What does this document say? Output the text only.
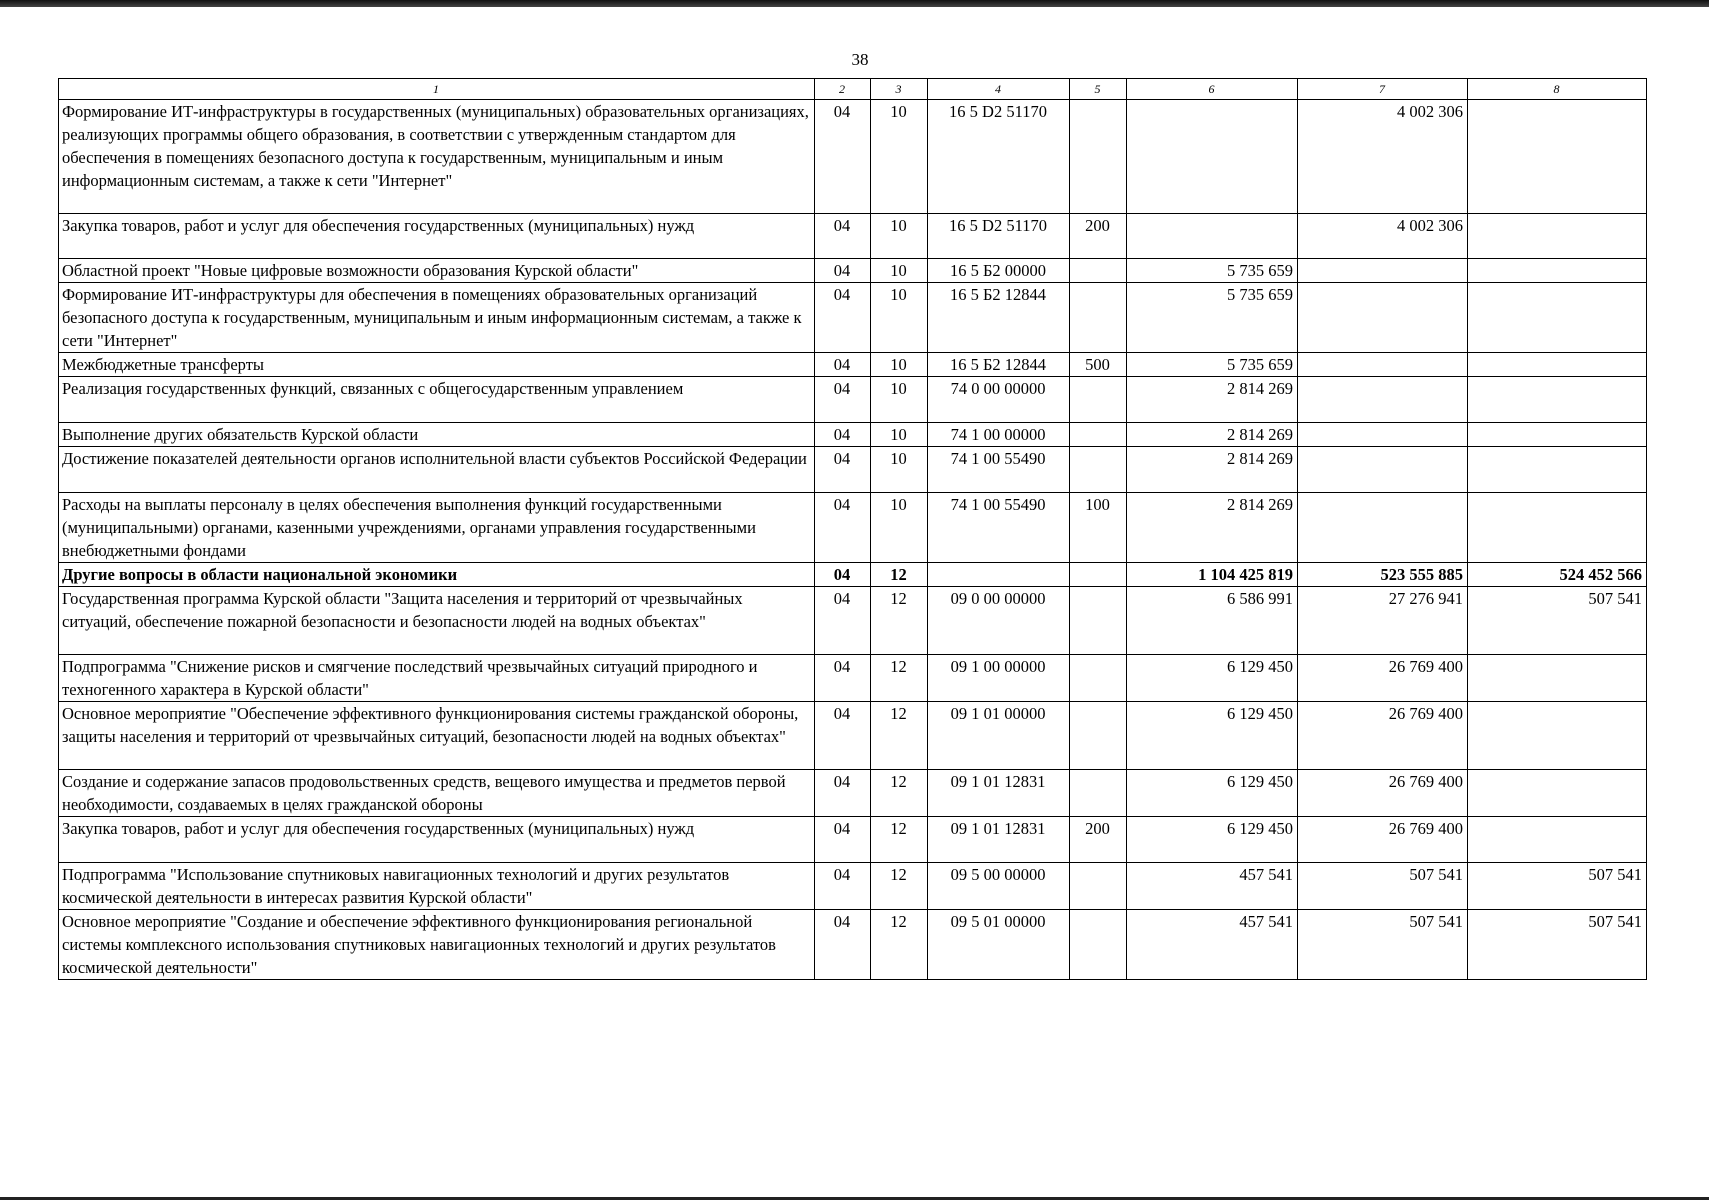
38
1	2	3	4	5	6	7	8
Формирование ИТ-инфраструктуры в государственных (муниципальных) образовательных организациях, реализующих программы общего образования, в соответствии с утвержденным стандартом для обеспечения в помещениях безопасного доступа к государственным, муниципальным и иным информационным системам, а также к сети "Интернет"	04	10	16 5 D2 51170			4 002 306	
Закупка товаров, работ и услуг для обеспечения государственных (муниципальных) нужд	04	10	16 5 D2 51170	200		4 002 306	
Областной проект "Новые цифровые возможности образования Курской области"	04	10	16 5 Б2 00000		5 735 659		
Формирование ИТ-инфраструктуры для обеспечения в помещениях образовательных организаций безопасного доступа к государственным, муниципальным и иным информационным системам, а также к сети "Интернет"	04	10	16 5 Б2 12844		5 735 659		
Межбюджетные трансферты	04	10	16 5 Б2 12844	500	5 735 659		
Реализация государственных функций, связанных с общегосударственным управлением	04	10	74 0 00 00000		2 814 269		
Выполнение других обязательств Курской области	04	10	74 1 00 00000		2 814 269		
Достижение показателей деятельности органов исполнительной власти субъектов Российской Федерации	04	10	74 1 00 55490		2 814 269		
Расходы на выплаты персоналу в целях обеспечения выполнения функций государственными (муниципальными) органами, казенными учреждениями, органами управления государственными внебюджетными фондами	04	10	74 1 00 55490	100	2 814 269		
Другие вопросы в области национальной экономики	04	12			1 104 425 819	523 555 885	524 452 566
Государственная программа Курской области "Защита населения и территорий от чрезвычайных ситуаций, обеспечение пожарной безопасности и безопасности людей на водных объектах"	04	12	09 0 00 00000		6 586 991	27 276 941	507 541
Подпрограмма "Снижение рисков и смягчение последствий чрезвычайных ситуаций природного и техногенного характера в Курской области"	04	12	09 1 00 00000		6 129 450	26 769 400	
Основное мероприятие "Обеспечение эффективного функционирования системы гражданской обороны, защиты населения и территорий от чрезвычайных ситуаций, безопасности людей на водных объектах"	04	12	09 1 01 00000		6 129 450	26 769 400	
Создание и содержание запасов продовольственных средств, вещевого имущества и предметов первой необходимости, создаваемых в целях гражданской обороны	04	12	09 1 01 12831		6 129 450	26 769 400	
Закупка товаров, работ и услуг для обеспечения государственных (муниципальных) нужд	04	12	09 1 01 12831	200	6 129 450	26 769 400	
Подпрограмма "Использование спутниковых навигационных технологий и других результатов космической деятельности в интересах развития Курской области"	04	12	09 5 00 00000		457 541	507 541	507 541
Основное мероприятие "Создание и обеспечение эффективного функционирования региональной системы комплексного использования спутниковых навигационных технологий и других результатов космической деятельности"	04	12	09 5 01 00000		457 541	507 541	507 541
